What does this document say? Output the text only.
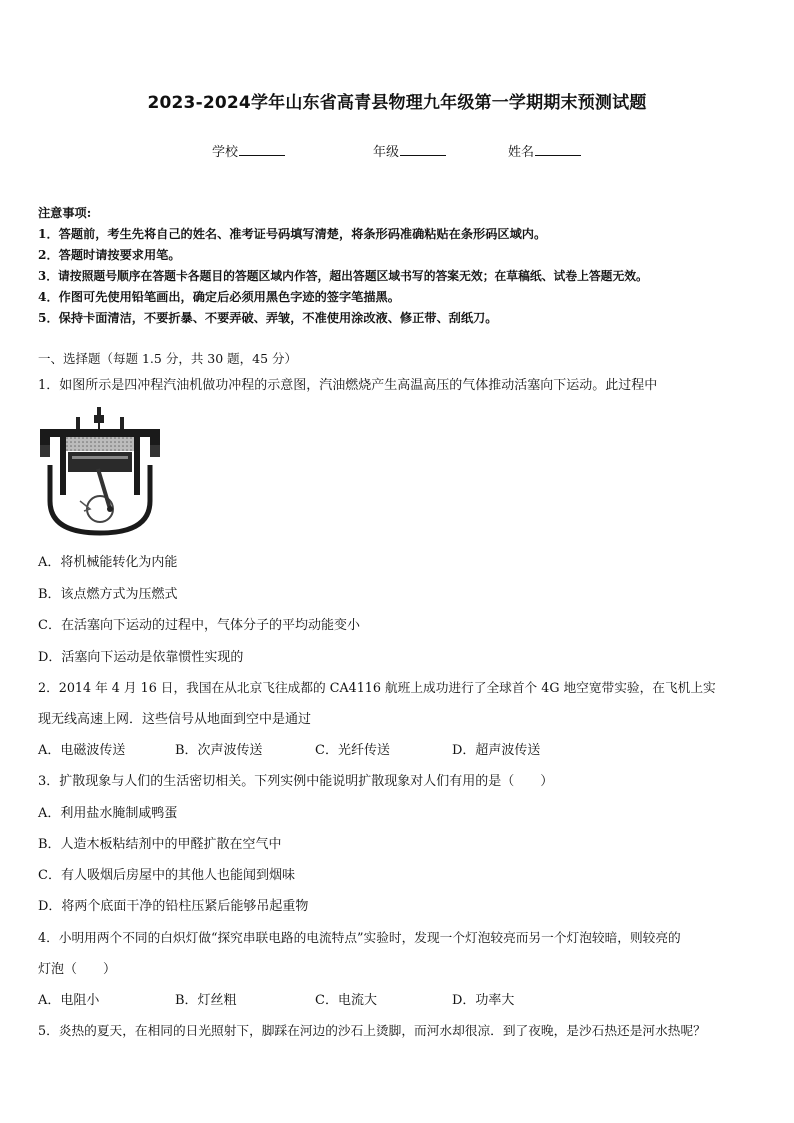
2023-2024学年山东省高青县物理九年级第一学期期末预测试题
学校	年级	姓名
注意事项:
1．答题前，考生先将自己的姓名、准考证号码填写清楚，将条形码准确粘贴在条形码区域内。
2．答题时请按要求用笔。
3．请按照题号顺序在答题卡各题目的答题区域内作答，超出答题区域书写的答案无效；在草稿纸、试卷上答题无效。
4．作图可先使用铅笔画出，确定后必须用黑色字迹的签字笔描黑。
5．保持卡面清洁，不要折暴、不要弄破、弄皱，不准使用涂改液、修正带、刮纸刀。
一、选择题（每题 1.5 分，共 30 题，45 分）
1．如图所示是四冲程汽油机做功冲程的示意图，汽油燃烧产生高温高压的气体推动活塞向下运动。此过程中
A．将机械能转化为内能
B．该点燃方式为压燃式
C．在活塞向下运动的过程中，气体分子的平均动能变小
D．活塞向下运动是依靠惯性实现的
2．2014 年 4 月 16 日，我国在从北京飞往成都的 CA4116 航班上成功进行了全球首个 4G 地空宽带实验，在飞机上实
现无线高速上网．这些信号从地面到空中是通过
A．电磁波传送	B．次声波传送	C．光纤传送	D．超声波传送
3．扩散现象与人们的生活密切相关。下列实例中能说明扩散现象对人们有用的是（　　）
A．利用盐水腌制咸鸭蛋
B．人造木板粘结剂中的甲醛扩散在空气中
C．有人吸烟后房屋中的其他人也能闻到烟味
D．将两个底面干净的铅柱压紧后能够吊起重物
4．小明用两个不同的白炽灯做“探究串联电路的电流特点”实验时，发现一个灯泡较亮而另一个灯泡较暗，则较亮的
灯泡（　　）
A．电阻小	B．灯丝粗	C．电流大	D．功率大
5．炎热的夏天，在相同的日光照射下，脚踩在河边的沙石上烫脚，而河水却很凉．到了夜晚，是沙石热还是河水热呢？
